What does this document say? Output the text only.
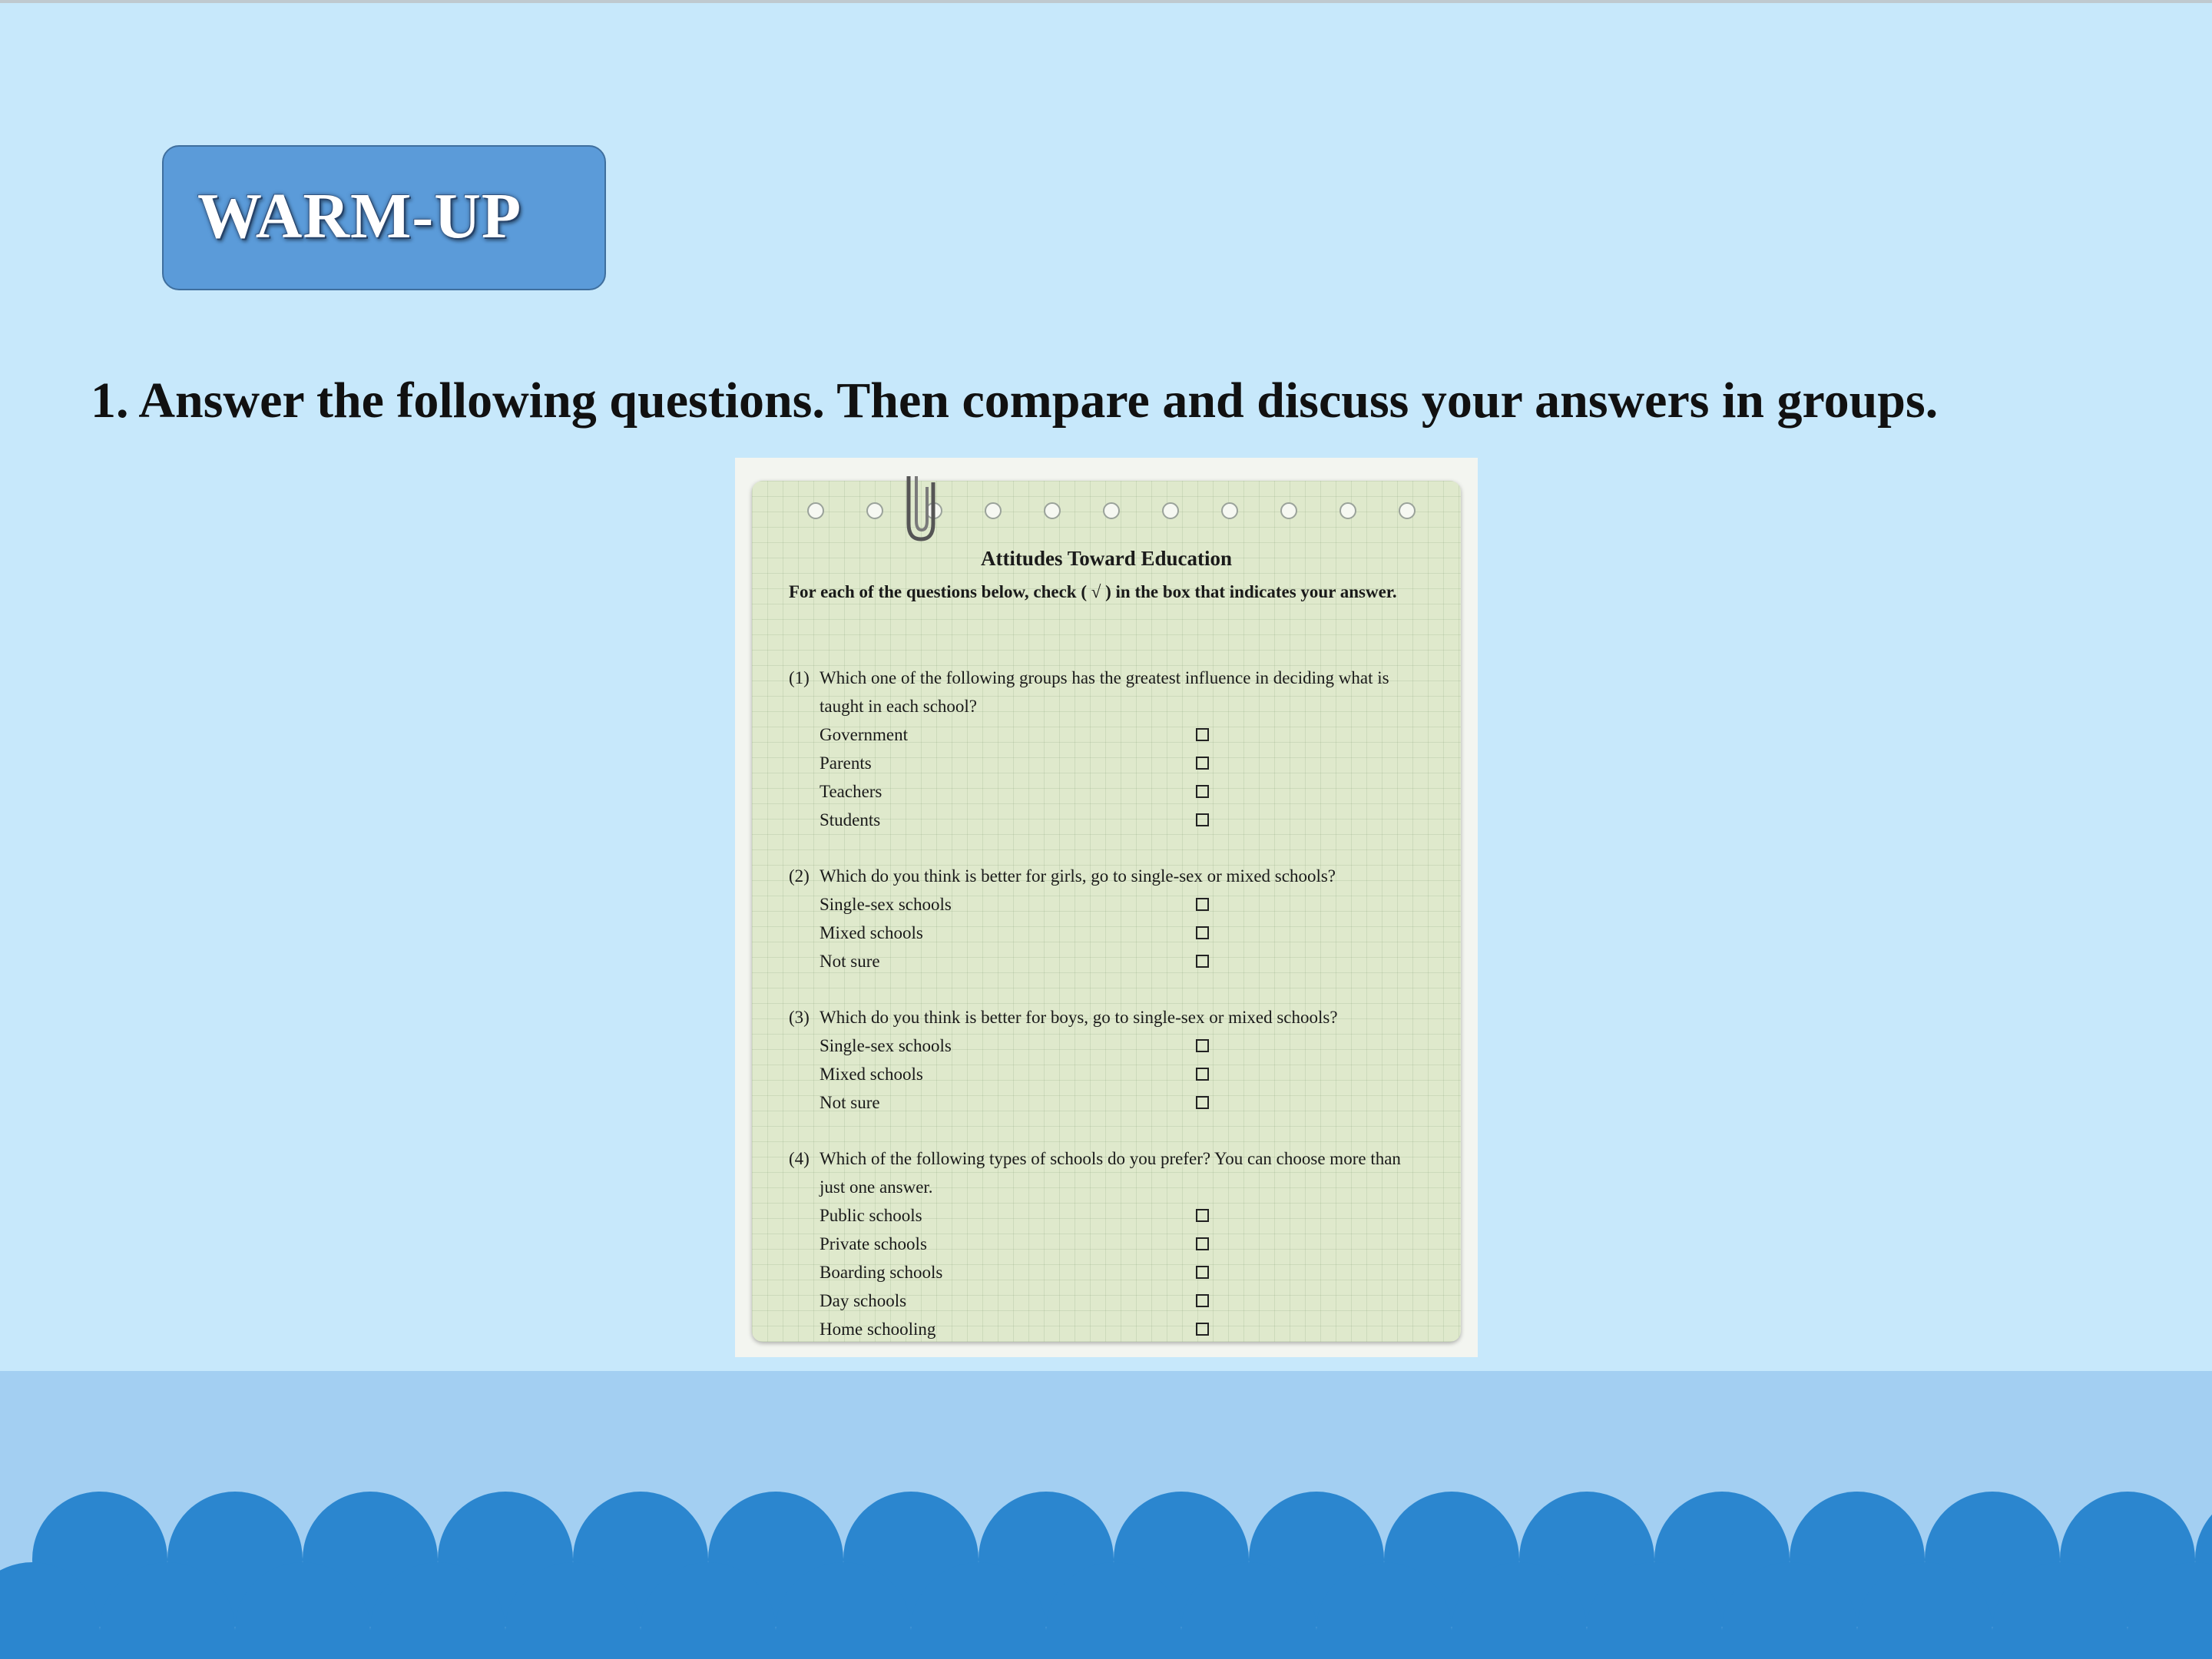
WARM-UP
1. Answer the following questions. Then compare and discuss your answers in groups.
Attitudes Toward Education
For each of the questions below, check ( √ ) in the box that indicates your answer.
(1) Which one of the following groups has the greatest influence in deciding what is taught in each school?
Government
Parents
Teachers
Students
(2) Which do you think is better for girls, go to single-sex or mixed schools?
Single-sex schools
Mixed schools
Not sure
(3) Which do you think is better for boys, go to single-sex or mixed schools?
Single-sex schools
Mixed schools
Not sure
(4) Which of the following types of schools do you prefer? You can choose more than just one answer.
Public schools
Private schools
Boarding schools
Day schools
Home schooling
